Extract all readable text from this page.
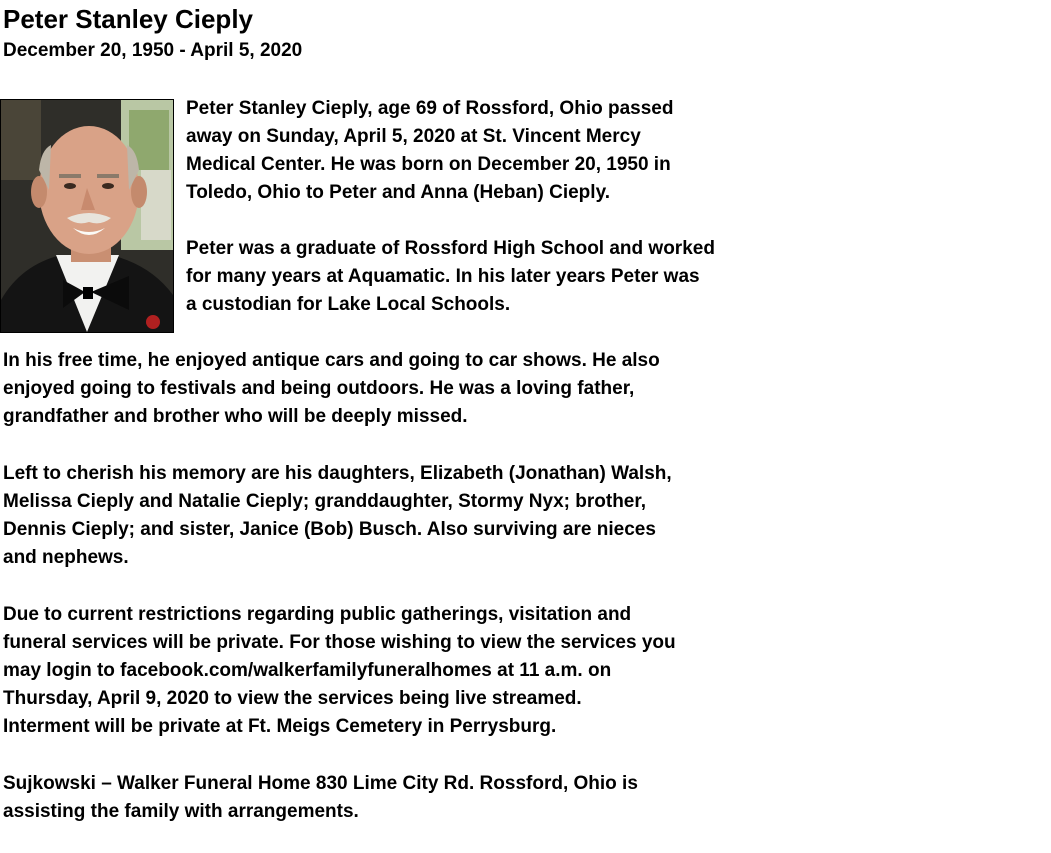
Peter Stanley Cieply
December 20, 1950 - April 5, 2020
Peter Stanley Cieply, age 69 of Rossford, Ohio passed
away on Sunday, April 5, 2020 at St. Vincent Mercy
Medical Center. He was born on December 20, 1950 in
Toledo, Ohio to Peter and Anna (Heban) Cieply.
Peter was a graduate of Rossford High School and worked
for many years at Aquamatic. In his later years Peter was
a custodian for Lake Local Schools.
In his free time, he enjoyed antique cars and going to car shows. He also
enjoyed going to festivals and being outdoors. He was a loving father,
grandfather and brother who will be deeply missed.
Left to cherish his memory are his daughters, Elizabeth (Jonathan) Walsh,
Melissa Cieply and Natalie Cieply; granddaughter, Stormy Nyx; brother,
Dennis Cieply; and sister, Janice (Bob) Busch. Also surviving are nieces
and nephews.
Due to current restrictions regarding public gatherings, visitation and
funeral services will be private. For those wishing to view the services you
may login to facebook.com/walkerfamilyfuneralhomes at 11 a.m. on
Thursday, April 9, 2020 to view the services being live streamed.
Interment will be private at Ft. Meigs Cemetery in Perrysburg.
Sujkowski – Walker Funeral Home 830 Lime City Rd. Rossford, Ohio is
assisting the family with arrangements.
